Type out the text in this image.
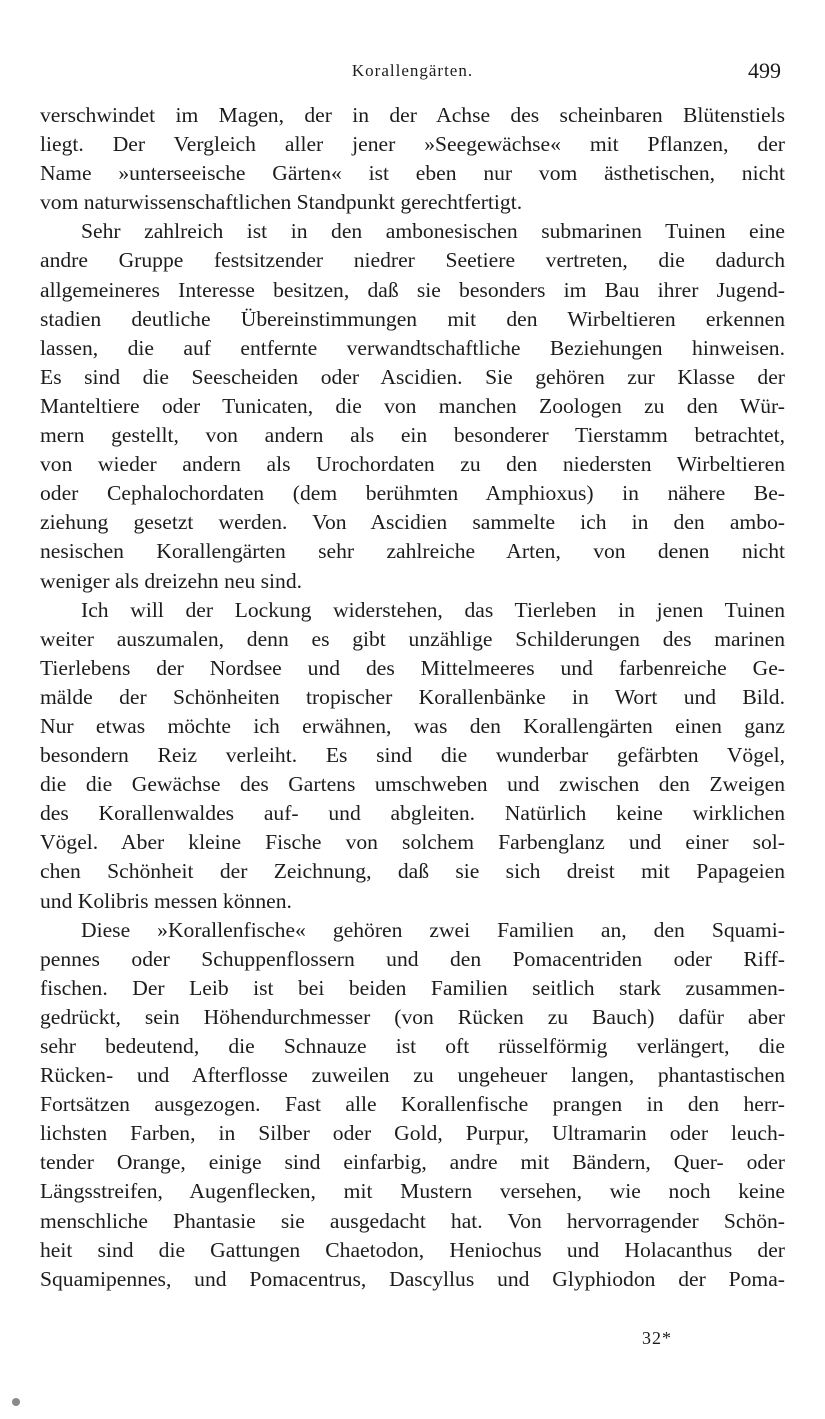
Korallengärten.	499
verschwindet im Magen, der in der Achse des scheinbaren Blütenstiels
liegt. Der Vergleich aller jener »Seegewächse« mit Pflanzen, der
Name »unterseeische Gärten« ist eben nur vom ästhetischen, nicht
vom naturwissenschaftlichen Standpunkt gerechtfertigt.
Sehr zahlreich ist in den ambonesischen submarinen Tuinen eine
andre Gruppe festsitzender niedrer Seetiere vertreten, die dadurch
allgemeineres Interesse besitzen, daß sie besonders im Bau ihrer Jugend-
stadien deutliche Übereinstimmungen mit den Wirbeltieren erkennen
lassen, die auf entfernte verwandtschaftliche Beziehungen hinweisen.
Es sind die Seescheiden oder Ascidien. Sie gehören zur Klasse der
Manteltiere oder Tunicaten, die von manchen Zoologen zu den Wür-
mern gestellt, von andern als ein besonderer Tierstamm betrachtet,
von wieder andern als Urochordaten zu den niedersten Wirbeltieren
oder Cephalochordaten (dem berühmten Amphioxus) in nähere Be-
ziehung gesetzt werden. Von Ascidien sammelte ich in den ambo-
nesischen Korallengärten sehr zahlreiche Arten, von denen nicht
weniger als dreizehn neu sind.
Ich will der Lockung widerstehen, das Tierleben in jenen Tuinen
weiter auszumalen, denn es gibt unzählige Schilderungen des marinen
Tierlebens der Nordsee und des Mittelmeeres und farbenreiche Ge-
mälde der Schönheiten tropischer Korallenbänke in Wort und Bild.
Nur etwas möchte ich erwähnen, was den Korallengärten einen ganz
besondern Reiz verleiht. Es sind die wunderbar gefärbten Vögel,
die die Gewächse des Gartens umschweben und zwischen den Zweigen
des Korallenwaldes auf- und abgleiten. Natürlich keine wirklichen
Vögel. Aber kleine Fische von solchem Farbenglanz und einer sol-
chen Schönheit der Zeichnung, daß sie sich dreist mit Papageien
und Kolibris messen können.
Diese »Korallenfische« gehören zwei Familien an, den Squami-
pennes oder Schuppenflossern und den Pomacentriden oder Riff-
fischen. Der Leib ist bei beiden Familien seitlich stark zusammen-
gedrückt, sein Höhendurchmesser (von Rücken zu Bauch) dafür aber
sehr bedeutend, die Schnauze ist oft rüsselförmig verlängert, die
Rücken- und Afterflosse zuweilen zu ungeheuer langen, phantastischen
Fortsätzen ausgezogen. Fast alle Korallenfische prangen in den herr-
lichsten Farben, in Silber oder Gold, Purpur, Ultramarin oder leuch-
tender Orange, einige sind einfarbig, andre mit Bändern, Quer- oder
Längsstreifen, Augenflecken, mit Mustern versehen, wie noch keine
menschliche Phantasie sie ausgedacht hat. Von hervorragender Schön-
heit sind die Gattungen Chaetodon, Heniochus und Holacanthus der
Squamipennes, und Pomacentrus, Dascyllus und Glyphiodon der Poma-
32*
